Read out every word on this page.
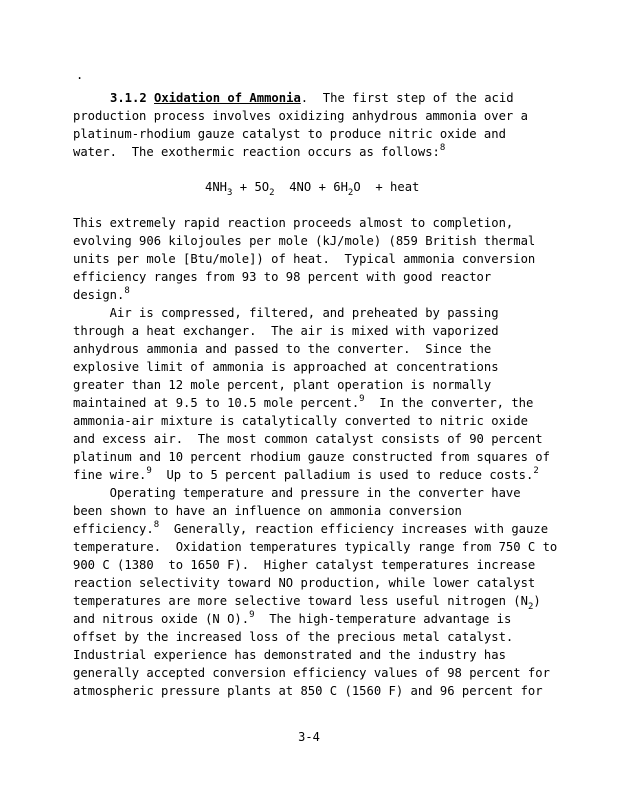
.
3.1.2 Oxidation of Ammonia.  The first step of the acid
production process involves oxidizing anhydrous ammonia over a
platinum-rhodium gauze catalyst to produce nitric oxide and
water.  The exothermic reaction occurs as follows:$^8$
$4NH_3 + 5O_2$  $4NO + 6H_2O$  + heat
This extremely rapid reaction proceeds almost to completion,
evolving 906 kilojoules per mole (kJ/mole) (859 British thermal
units per mole [Btu/mole]) of heat.  Typical ammonia conversion
efficiency ranges from 93 to 98 percent with good reactor
design.$^8$
Air is compressed, filtered, and preheated by passing
through a heat exchanger.  The air is mixed with vaporized
anhydrous ammonia and passed to the converter.  Since the
explosive limit of ammonia is approached at concentrations
greater than 12 mole percent, plant operation is normally
maintained at 9.5 to 10.5 mole percent.$^9$  In the converter, the
ammonia-air mixture is catalytically converted to nitric oxide
and excess air.  The most common catalyst consists of 90 percent
platinum and 10 percent rhodium gauze constructed from squares of
fine wire.$^9$  Up to 5 percent palladium is used to reduce costs.$^2$
Operating temperature and pressure in the converter have
been shown to have an influence on ammonia conversion
efficiency.$^8$  Generally, reaction efficiency increases with gauze
temperature.  Oxidation temperatures typically range from 750 C to
900 C (1380  to 1650 F).  Higher catalyst temperatures increase
reaction selectivity toward NO production, while lower catalyst
temperatures are more selective toward less useful nitrogen $(N_2)$
and nitrous oxide (N O).$^9$  The high-temperature advantage is
offset by the increased loss of the precious metal catalyst.
Industrial experience has demonstrated and the industry has
generally accepted conversion efficiency values of 98 percent for
atmospheric pressure plants at 850 C (1560 F) and 96 percent for
3-4
